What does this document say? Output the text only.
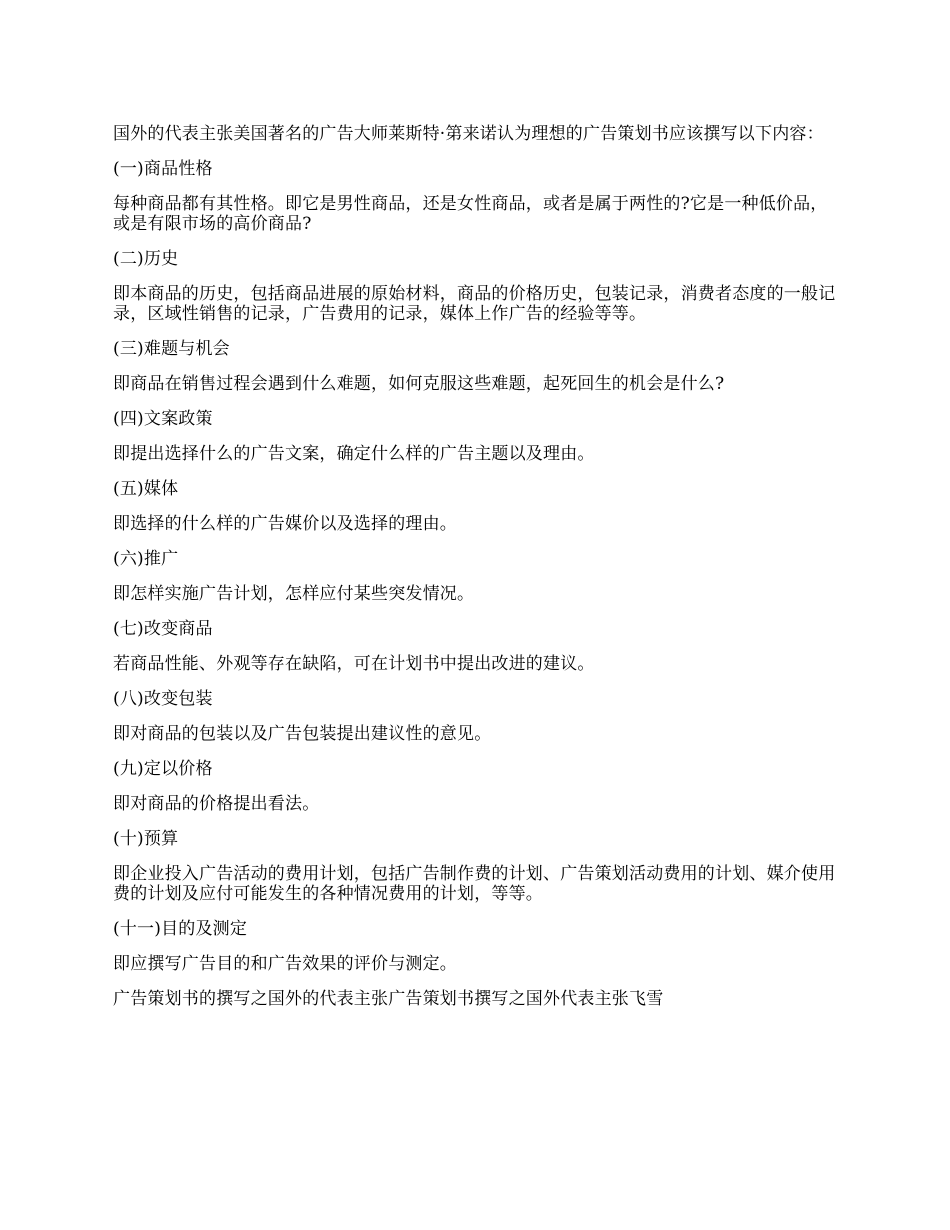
国外的代表主张美国著名的广告大师莱斯特·第来诺认为理想的广告策划书应该撰写以下内容：

(一)商品性格

每种商品都有其性格。即它是男性商品，还是女性商品，或者是属于两性的?它是一种低价品，或是有限市场的高价商品?

(二)历史

即本商品的历史，包括商品进展的原始材料，商品的价格历史，包装记录，消费者态度的一般记录，区域性销售的记录，广告费用的记录，媒体上作广告的经验等等。

(三)难题与机会

即商品在销售过程会遇到什么难题，如何克服这些难题，起死回生的机会是什么?

(四)文案政策

即提出选择什么的广告文案，确定什么样的广告主题以及理由。

(五)媒体

即选择的什么样的广告媒价以及选择的理由。

(六)推广

即怎样实施广告计划，怎样应付某些突发情况。

(七)改变商品

若商品性能、外观等存在缺陷，可在计划书中提出改进的建议。

(八)改变包装

即对商品的包装以及广告包装提出建议性的意见。

(九)定以价格

即对商品的价格提出看法。

(十)预算

即企业投入广告活动的费用计划，包括广告制作费的计划、广告策划活动费用的计划、媒介使用费的计划及应付可能发生的各种情况费用的计划，等等。

(十一)目的及测定

即应撰写广告目的和广告效果的评价与测定。

广告策划书的撰写之国外的代表主张广告策划书撰写之国外代表主张飞雪
